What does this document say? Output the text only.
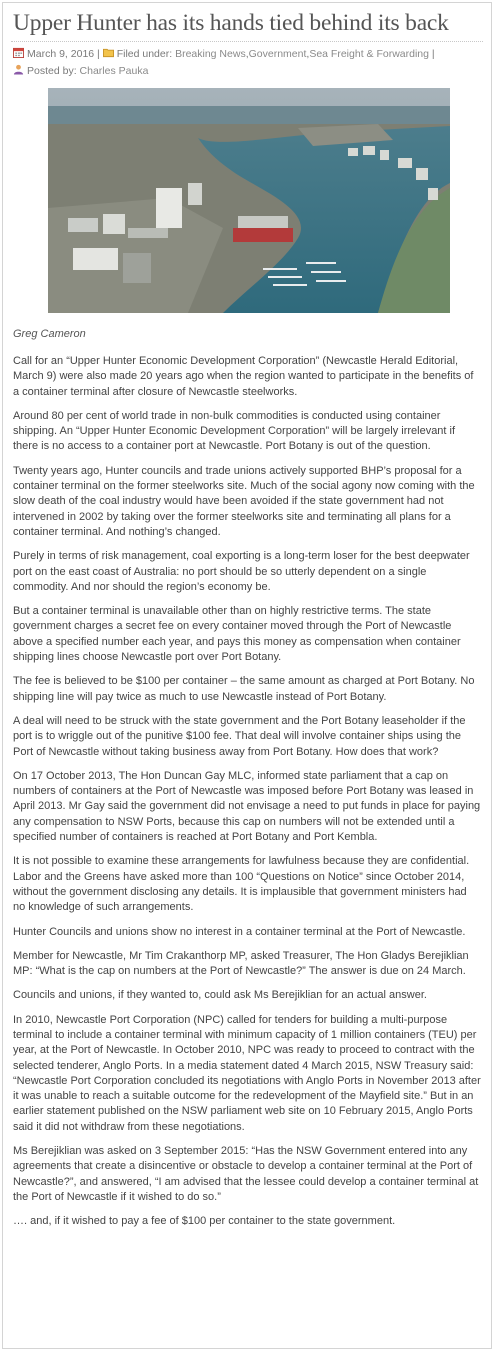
Upper Hunter has its hands tied behind its back
March 9, 2016 | Filed under: Breaking News,Government,Sea Freight & Forwarding |
Posted by: Charles Pauka
Greg Cameron

Call for an “Upper Hunter Economic Development Corporation” (Newcastle Herald Editorial, March 9) were also made 20 years ago when the region wanted to participate in the benefits of a container terminal after closure of Newcastle steelworks.

Around 80 per cent of world trade in non-bulk commodities is conducted using container shipping. An “Upper Hunter Economic Development Corporation” will be largely irrelevant if there is no access to a container port at Newcastle. Port Botany is out of the question.

Twenty years ago, Hunter councils and trade unions actively supported BHP’s proposal for a container terminal on the former steelworks site. Much of the social agony now coming with the slow death of the coal industry would have been avoided if the state government had not intervened in 2002 by taking over the former steelworks site and terminating all plans for a container terminal. And nothing’s changed.

Purely in terms of risk management, coal exporting is a long-term loser for the best deepwater port on the east coast of Australia: no port should be so utterly dependent on a single commodity. And nor should the region’s economy be.

But a container terminal is unavailable other than on highly restrictive terms. The state government charges a secret fee on every container moved through the Port of Newcastle above a specified number each year, and pays this money as compensation when container shipping lines choose Newcastle port over Port Botany.

The fee is believed to be $100 per container – the same amount as charged at Port Botany. No shipping line will pay twice as much to use Newcastle instead of Port Botany.

A deal will need to be struck with the state government and the Port Botany leaseholder if the port is to wriggle out of the punitive $100 fee. That deal will involve container ships using the Port of Newcastle without taking business away from Port Botany. How does that work?

On 17 October 2013, The Hon Duncan Gay MLC, informed state parliament that a cap on numbers of containers at the Port of Newcastle was imposed before Port Botany was leased in April 2013. Mr Gay said the government did not envisage a need to put funds in place for paying any compensation to NSW Ports, because this cap on numbers will not be extended until a specified number of containers is reached at Port Botany and Port Kembla.

It is not possible to examine these arrangements for lawfulness because they are confidential. Labor and the Greens have asked more than 100 “Questions on Notice” since October 2014, without the government disclosing any details. It is implausible that government ministers had no knowledge of such arrangements.

Hunter Councils and unions show no interest in a container terminal at the Port of Newcastle.

Member for Newcastle, Mr Tim Crakanthorp MP, asked Treasurer, The Hon Gladys Berejiklian MP: “What is the cap on numbers at the Port of Newcastle?” The answer is due on 24 March.

Councils and unions, if they wanted to, could ask Ms Berejiklian for an actual answer.

In 2010, Newcastle Port Corporation (NPC) called for tenders for building a multi-purpose terminal to include a container terminal with minimum capacity of 1 million containers (TEU) per year, at the Port of Newcastle. In October 2010, NPC was ready to proceed to contract with the selected tenderer, Anglo Ports. In a media statement dated 4 March 2015, NSW Treasury said: “Newcastle Port Corporation concluded its negotiations with Anglo Ports in November 2013 after it was unable to reach a suitable outcome for the redevelopment of the Mayfield site.” But in an earlier statement published on the NSW parliament web site on 10 February 2015, Anglo Ports said it did not withdraw from these negotiations.

Ms Berejiklian was asked on 3 September 2015: “Has the NSW Government entered into any agreements that create a disincentive or obstacle to develop a container terminal at the Port of Newcastle?”, and answered, “I am advised that the lessee could develop a container terminal at the Port of Newcastle if it wished to do so.”

…. and, if it wished to pay a fee of $100 per container to the state government.
